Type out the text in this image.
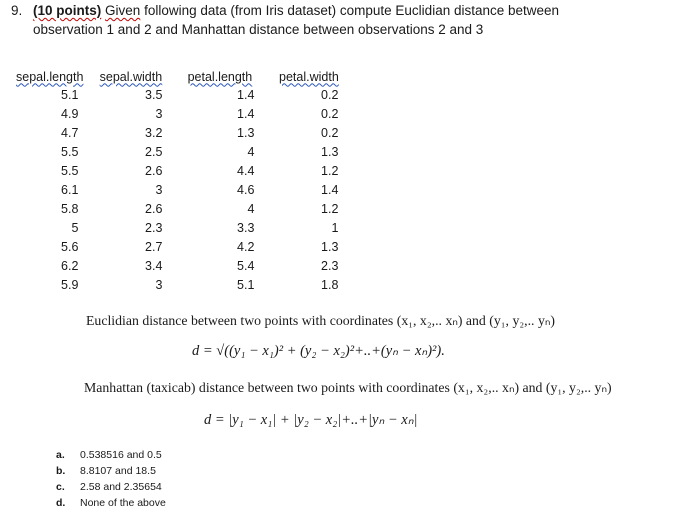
9. (10 points) Given following data (from Iris dataset) compute Euclidian distance between
observation 1 and 2 and Manhattan distance between observations 2 and 3
sepal.length	sepal.width	petal.length	petal.width
5.1	3.5	1.4	0.2
4.9	3	1.4	0.2
4.7	3.2	1.3	0.2
5.5	2.5	4	1.3
5.5	2.6	4.4	1.2
6.1	3	4.6	1.4
5.8	2.6	4	1.2
5	2.3	3.3	1
5.6	2.7	4.2	1.3
6.2	3.4	5.4	2.3
5.9	3	5.1	1.8
Euclidian distance between two points with coordinates (x₁, x₂,.. xₙ) and (y₁, y₂,.. yₙ)
d = √((y₁ − x₁)² + (y₂ − x₂)²+..+(yₙ − xₙ)²).
Manhattan (taxicab) distance between two points with coordinates (x₁, x₂,.. xₙ) and (y₁, y₂,.. yₙ)
d = |y₁ − x₁| + |y₂ − x₂|+..+|yₙ − xₙ|
a. 0.538516 and 0.5
b. 8.8107 and 18.5
c. 2.58 and 2.35654
d. None of the above
